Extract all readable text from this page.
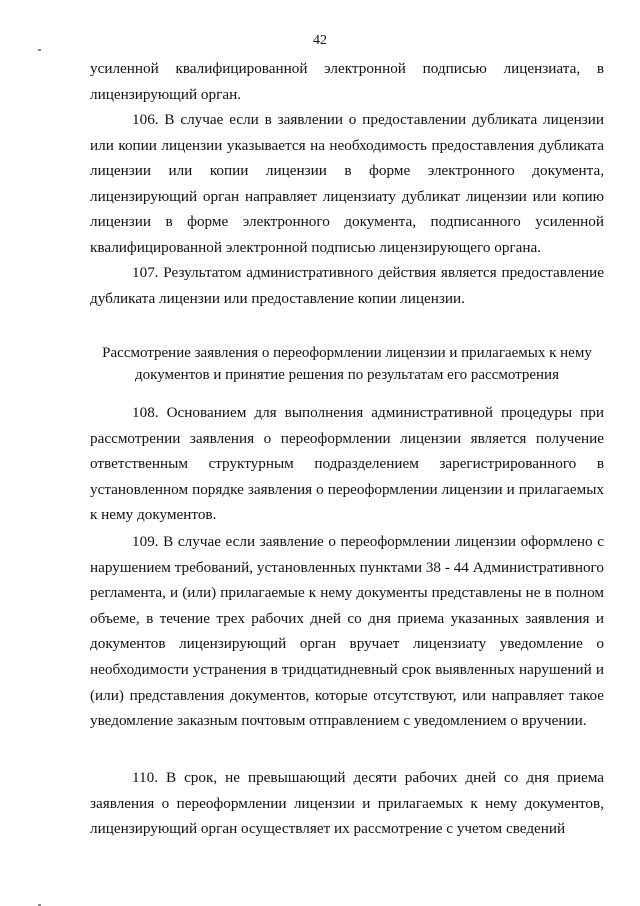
42

усиленной квалифицированной электронной подписью лицензиата, в лицензирующий орган.

106. В случае если в заявлении о предоставлении дубликата лицензии или копии лицензии указывается на необходимость предоставления дубликата лицензии или копии лицензии в форме электронного документа, лицензирующий орган направляет лицензиату дубликат лицензии или копию лицензии в форме электронного документа, подписанного усиленной квалифицированной электронной подписью лицензирующего органа.

107. Результатом административного действия является предоставление дубликата лицензии или предоставление копии лицензии.

Рассмотрение заявления о переоформлении лицензии и прилагаемых к нему документов и принятие решения по результатам его рассмотрения

108. Основанием для выполнения административной процедуры при рассмотрении заявления о переоформлении лицензии является получение ответственным структурным подразделением зарегистрированного в установленном порядке заявления о переоформлении лицензии и прилагаемых к нему документов.

109. В случае если заявление о переоформлении лицензии оформлено с нарушением требований, установленных пунктами 38 - 44 Административного регламента, и (или) прилагаемые к нему документы представлены не в полном объеме, в течение трех рабочих дней со дня приема указанных заявления и документов лицензирующий орган вручает лицензиату уведомление о необходимости устранения в тридцатидневный срок выявленных нарушений и (или) представления документов, которые отсутствуют, или направляет такое уведомление заказным почтовым отправлением с уведомлением о вручении.

110. В срок, не превышающий десяти рабочих дней со дня приема заявления о переоформлении лицензии и прилагаемых к нему документов, лицензирующий орган осуществляет их рассмотрение с учетом сведений
